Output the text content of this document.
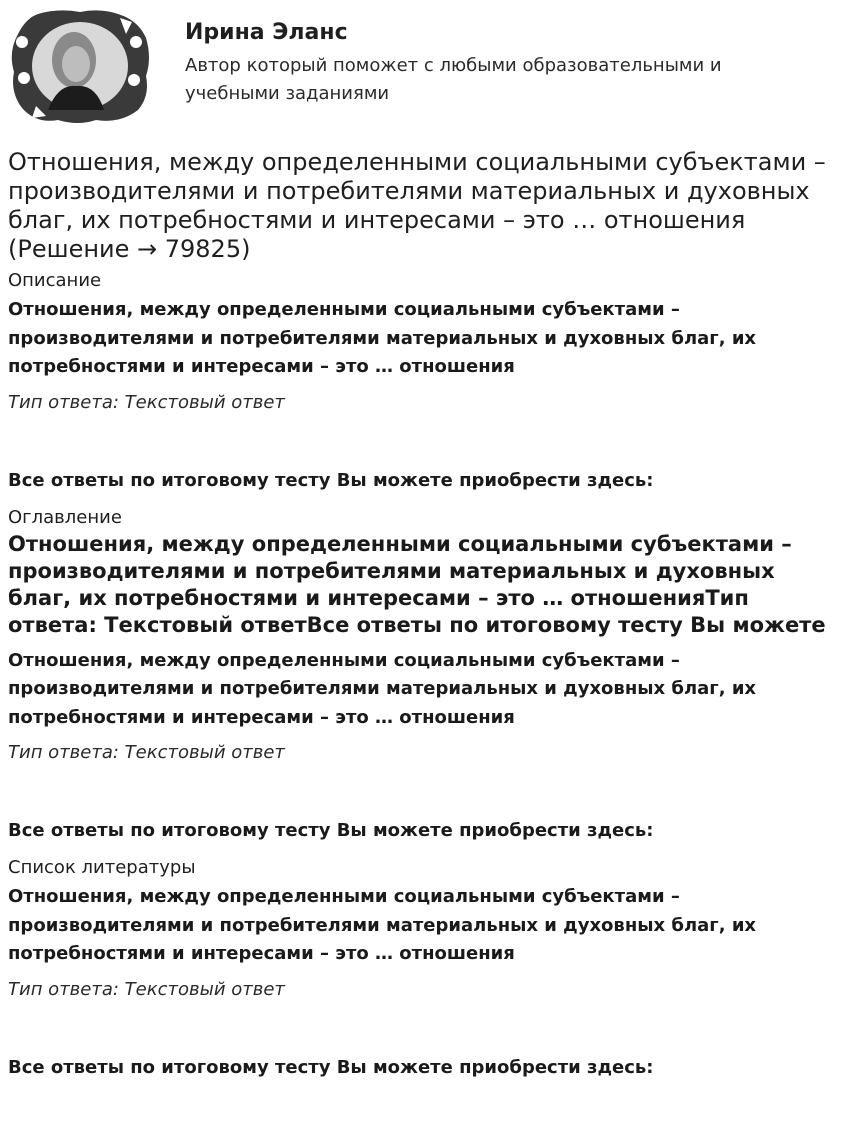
Ирина Эланс
Автор который поможет с любыми образовательными и учебными заданиями
Отношения, между определенными социальными субъектами – производителями и потребителями материальных и духовных благ, их потребностями и интересами – это … отношения (Решение → 79825)
Описание
Отношения, между определенными социальными субъектами – производителями и потребителями материальных и духовных благ, их потребностями и интересами – это … отношения
Тип ответа: Текстовый ответ
Все ответы по итоговому тесту Вы можете приобрести здесь:
Оглавление
Отношения, между определенными социальными субъектами – производителями и потребителями материальных и духовных благ, их потребностями и интересами – это … отношенияТип ответа: Текстовый ответВсе ответы по итоговому тесту Вы можете
Отношения, между определенными социальными субъектами – производителями и потребителями материальных и духовных благ, их потребностями и интересами – это … отношения
Тип ответа: Текстовый ответ
Все ответы по итоговому тесту Вы можете приобрести здесь:
Список литературы
Отношения, между определенными социальными субъектами – производителями и потребителями материальных и духовных благ, их потребностями и интересами – это … отношения
Тип ответа: Текстовый ответ
Все ответы по итоговому тесту Вы можете приобрести здесь:
